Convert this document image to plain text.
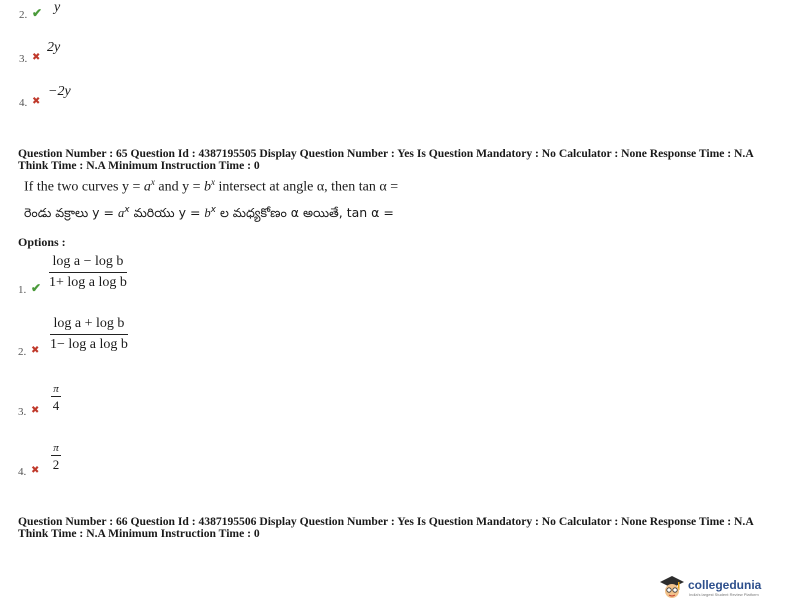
2. ✔ y
3. ✖
2y
4. ✖
−2y
Question Number : 65 Question Id : 4387195505 Display Question Number : Yes Is Question Mandatory : No Calculator : None Response Time : N.A Think Time : N.A Minimum Instruction Time : 0
If the two curves $y = a^x$ and $y = b^x$ intersect at angle α, then tan α =
రెండు వక్రాలు $y = a^x$ మరియు $y = b^x$ ల మధ్యకోణం α అయితే, tan α =
Options :
1. ✔
log a − log b
1+ log a log b
2. ✖
log a + log b
1− log a log b
3. ✖
π
4
4. ✖
π
2
Question Number : 66 Question Id : 4387195506 Display Question Number : Yes Is Question Mandatory : No Calculator : None Response Time : N.A Think Time : N.A Minimum Instruction Time : 0
collegedunia
India's largest Student Review Platform
